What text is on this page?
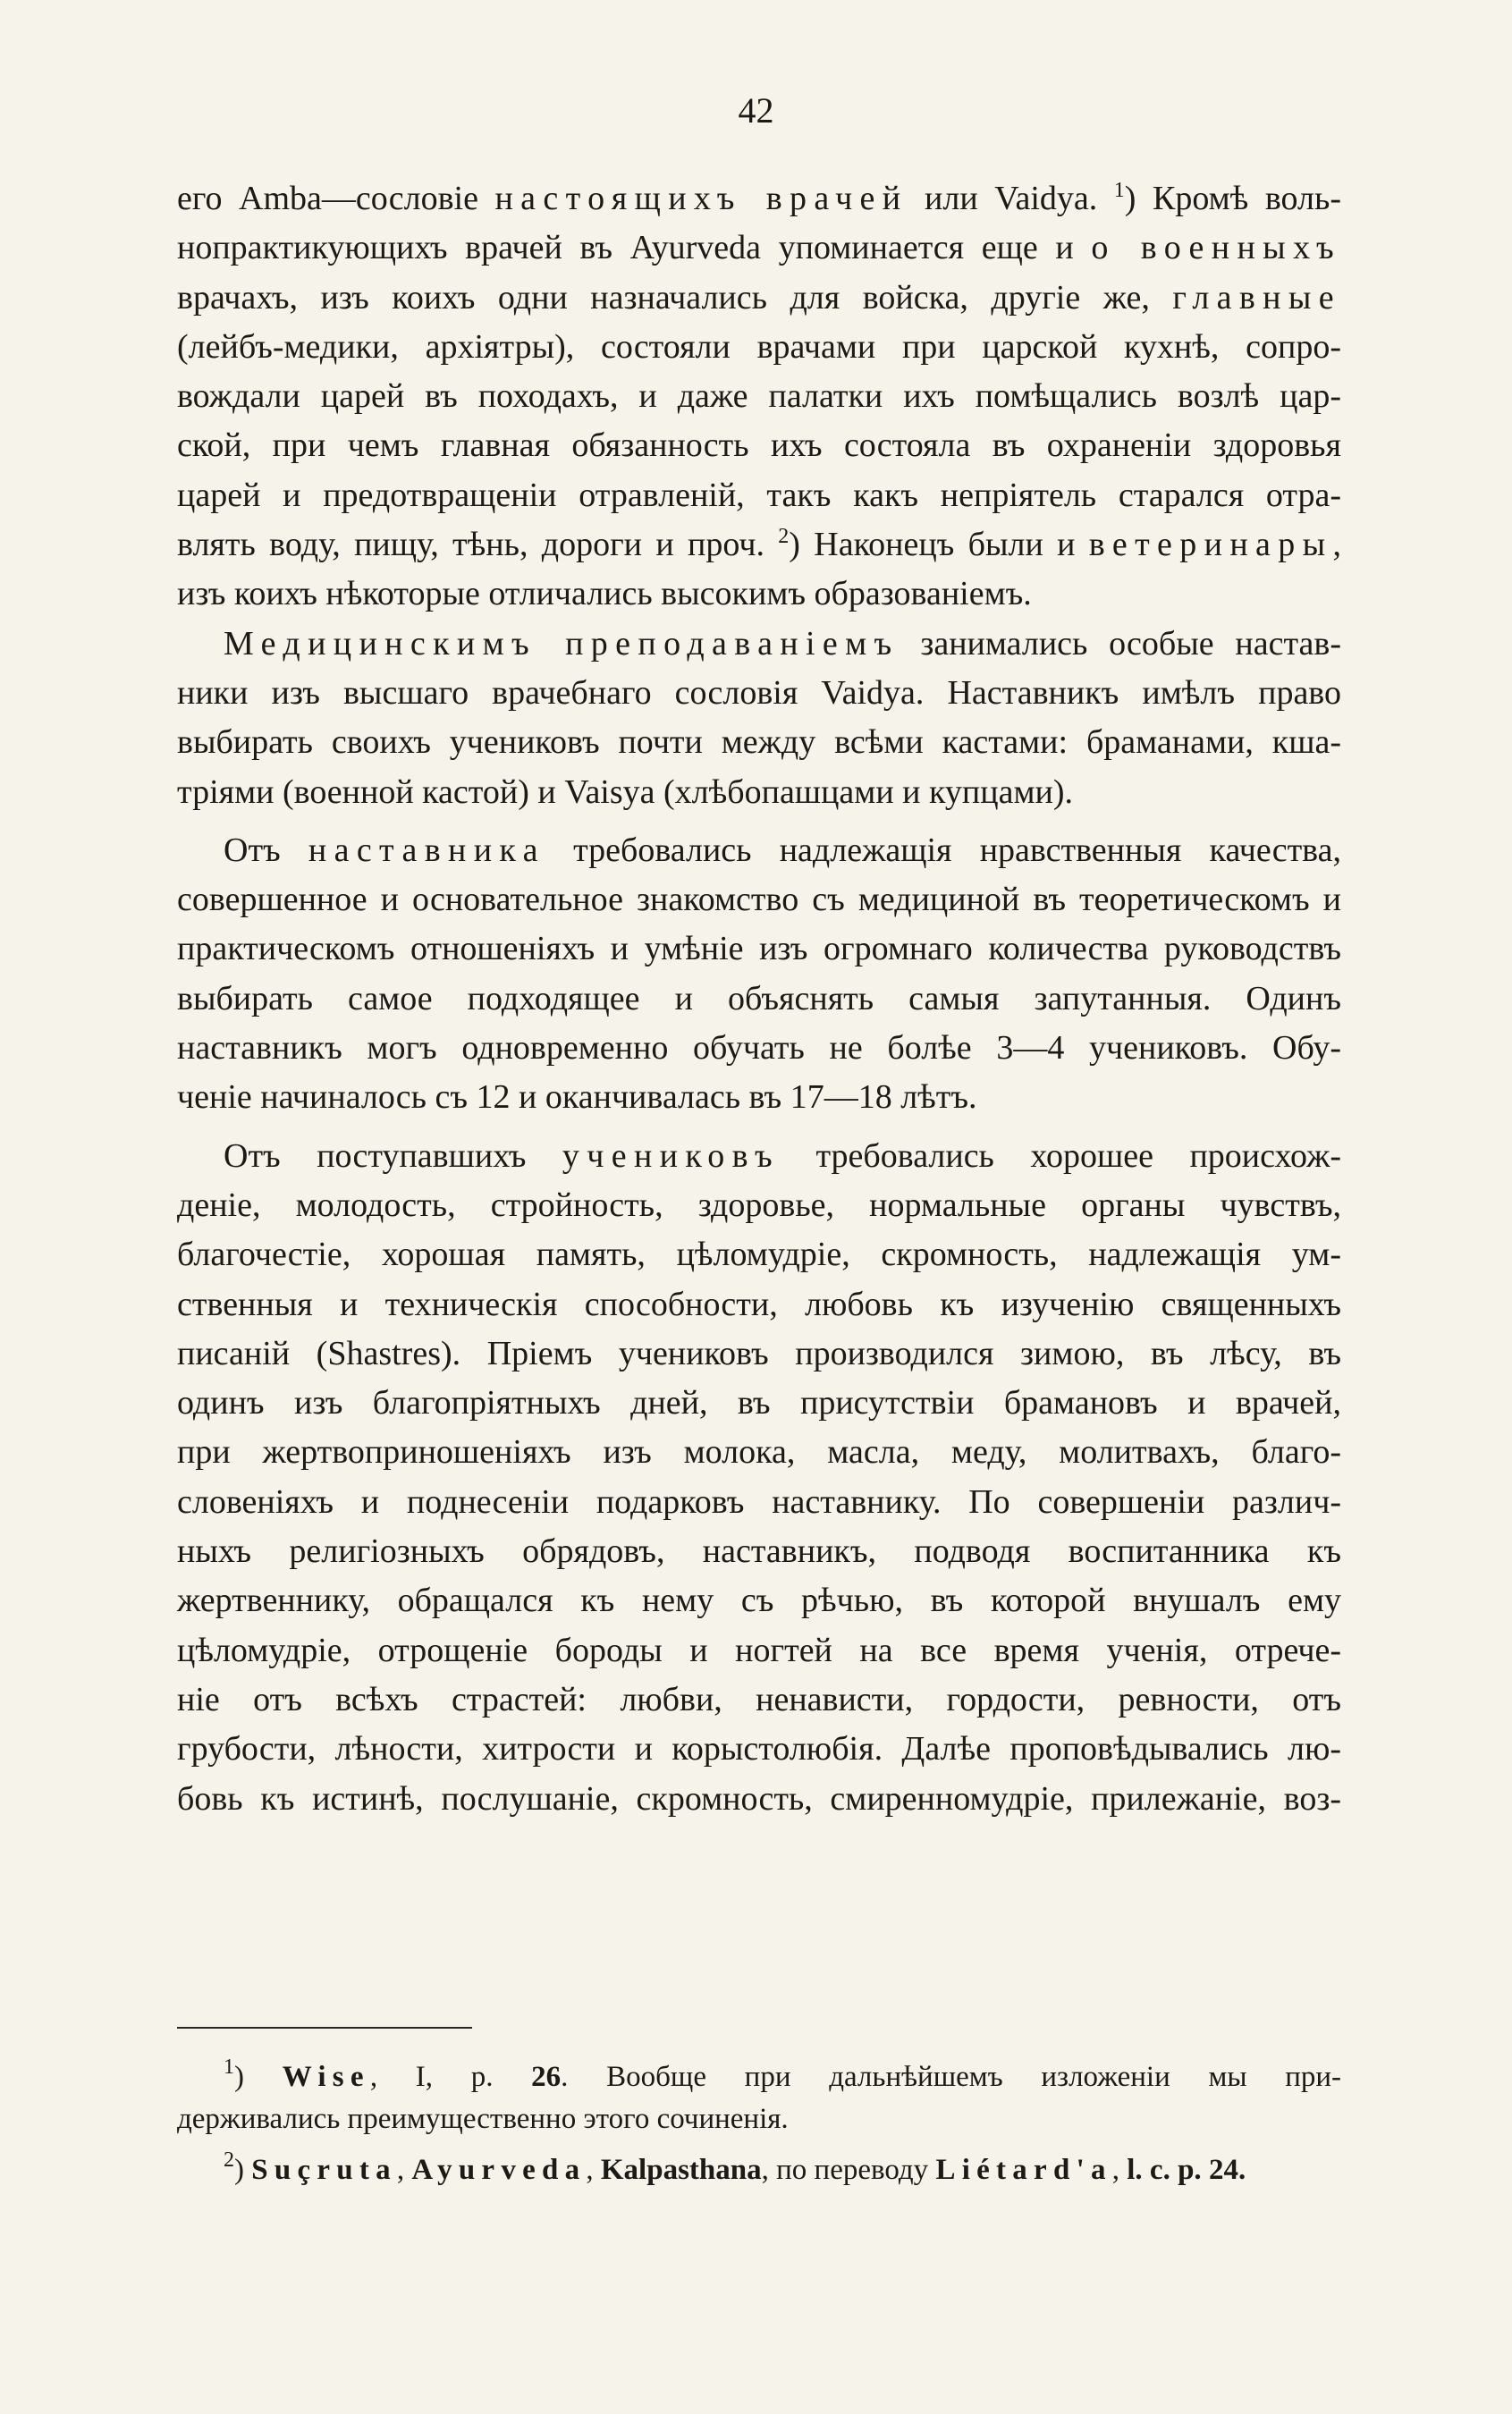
42

его Amba—сословіе настоящихъ врачей или Vaidya. $^1$) Кромѣ воль-

нопрактикующихъ врачей въ Ayurveda упоминается еще и о военныхъ

врачахъ, изъ коихъ одни назначались для войска, другіе же, главные

(лейбъ-медики, архіятры), состояли врачами при царской кухнѣ, сопро-

вождали царей въ походахъ, и даже палатки ихъ помѣщались возлѣ цар-

ской, при чемъ главная обязанность ихъ состояла въ охраненіи здоровья

царей и предотвращеніи отравленій, такъ какъ непріятель старался отра-

влять воду, пищу, тѣнь, дороги и проч. $^2$) Наконецъ были и ветеринары,

изъ коихъ нѣкоторые отличались высокимъ образованіемъ.

Медицинскимъ преподаваніемъ занимались особые настав-

ники изъ высшаго врачебнаго сословія Vaidya. Наставникъ имѣлъ право

выбирать своихъ учениковъ почти между всѣми кастами: браманами, кша-

тріями (военной кастой) и Vaisya (хлѣбопашцами и купцами).

Отъ наставника требовались надлежащія нравственныя качества,

совершенное и основательное знакомство съ медициной въ теоретическомъ и

практическомъ отношеніяхъ и умѣніе изъ огромнаго количества руководствъ

выбирать самое подходящее и объяснять самыя запутанныя. Одинъ

наставникъ могъ одновременно обучать не болѣе 3—4 учениковъ. Обу-

ченіе начиналось съ 12 и оканчивалась въ 17—18 лѣтъ.

Отъ поступавшихъ учениковъ требовались хорошее происхож-

деніе, молодость, стройность, здоровье, нормальные органы чувствъ,

благочестіе, хорошая память, цѣломудріе, скромность, надлежащія ум-

ственныя и техническія способности, любовь къ изученію священныхъ

писаній (Shastres). Пріемъ учениковъ производился зимою, въ лѣсу, въ

одинъ изъ благопріятныхъ дней, въ присутствіи брамановъ и врачей,

при жертвоприношеніяхъ изъ молока, масла, меду, молитвахъ, благо-

словеніяхъ и поднесеніи подарковъ наставнику. По совершеніи различ-

ныхъ религіозныхъ обрядовъ, наставникъ, подводя воспитанника къ

жертвеннику, обращался къ нему съ рѣчью, въ которой внушалъ ему

цѣломудріе, отрощеніе бороды и ногтей на все время ученія, отрече-

ніе отъ всѣхъ страстей: любви, ненависти, гордости, ревности, отъ

грубости, лѣности, хитрости и корыстолюбія. Далѣе проповѣдывались лю-

бовь къ истинѣ, послушаніе, скромность, смиренномудріе, прилежаніе, воз-

$^1$) Wise, I, p. 26. Вообще при дальнѣйшемъ изложеніи мы при-

держивались преимущественно этого сочиненія.

$^2$) Suçruta, Ayurveda, Kalpasthana, по переводу Liétard'a, l. c. p. 24.
